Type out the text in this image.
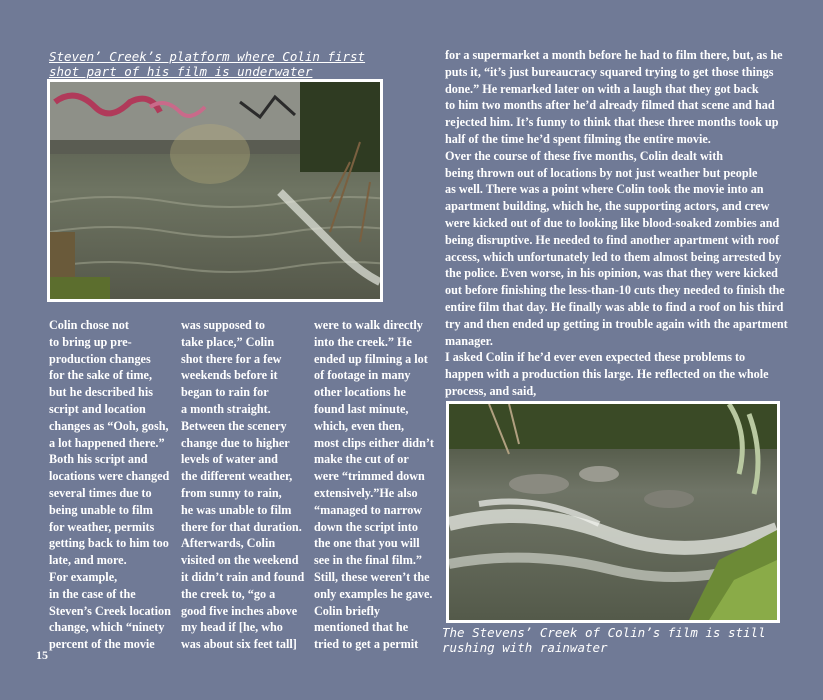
Steven’ Creek’s platform where Colin first shot part of his film is underwater
Colin chose not
to bring up pre-
production changes
for the sake of time,
but he described his
script and location
changes as “Ooh, gosh,
a lot happened there.”
Both his script and
locations were changed
several times due to
being unable to film
for weather, permits
getting back to him too
late, and more.
For example,
in the case of the
Steven’s Creek location
change, which “ninety
percent of the movie
was supposed to
take place,” Colin
shot there for a few
weekends before it
began to rain for
a month straight.
Between the scenery
change due to higher
levels of water and
the different weather,
from sunny to rain,
he was unable to film
there for that duration.
Afterwards, Colin
visited on the weekend
it didn’t rain and found
the creek to, “go a
good five inches above
my head if [he, who
was about six feet tall]
were to walk directly
into the creek.” He
ended up filming a lot
of footage in many
other locations he
found last minute,
which, even then,
most clips either didn’t
make the cut of or
were “trimmed down
extensively.”He also
“managed to narrow
down the script into
the one that you will
see in the final film.”
Still, these weren’t the
only examples he gave.
Colin briefly
mentioned that he
tried to get a permit
for a supermarket a month before he had to film there, but, as he
puts it, “it’s just bureaucracy squared trying to get those things
done.” He remarked later on with a laugh that they got back
to him two months after he’d already filmed that scene and had
rejected him. It’s funny to think that these three months took up
half of the time he’d spent filming the entire movie.
Over the course of these five months, Colin dealt with
being thrown out of locations by not just weather but people
as well. There was a point where Colin took the movie into an
apartment building, which he, the supporting actors, and crew
were kicked out of due to looking like blood-soaked zombies and
being disruptive. He needed to find another apartment with roof
access, which unfortunately led to them almost being arrested by
the police. Even worse, in his opinion, was that they were kicked
out before finishing the less-than-10 cuts they needed to finish the
entire film that day. He finally was able to find a roof on his third
try and then ended up getting in trouble again with the apartment
manager.
I asked Colin if he’d ever even expected these problems to
happen with a production this large. He reflected on the whole
process, and said,
The Stevens’ Creek of Colin’s film is still rushing with rainwater
15
